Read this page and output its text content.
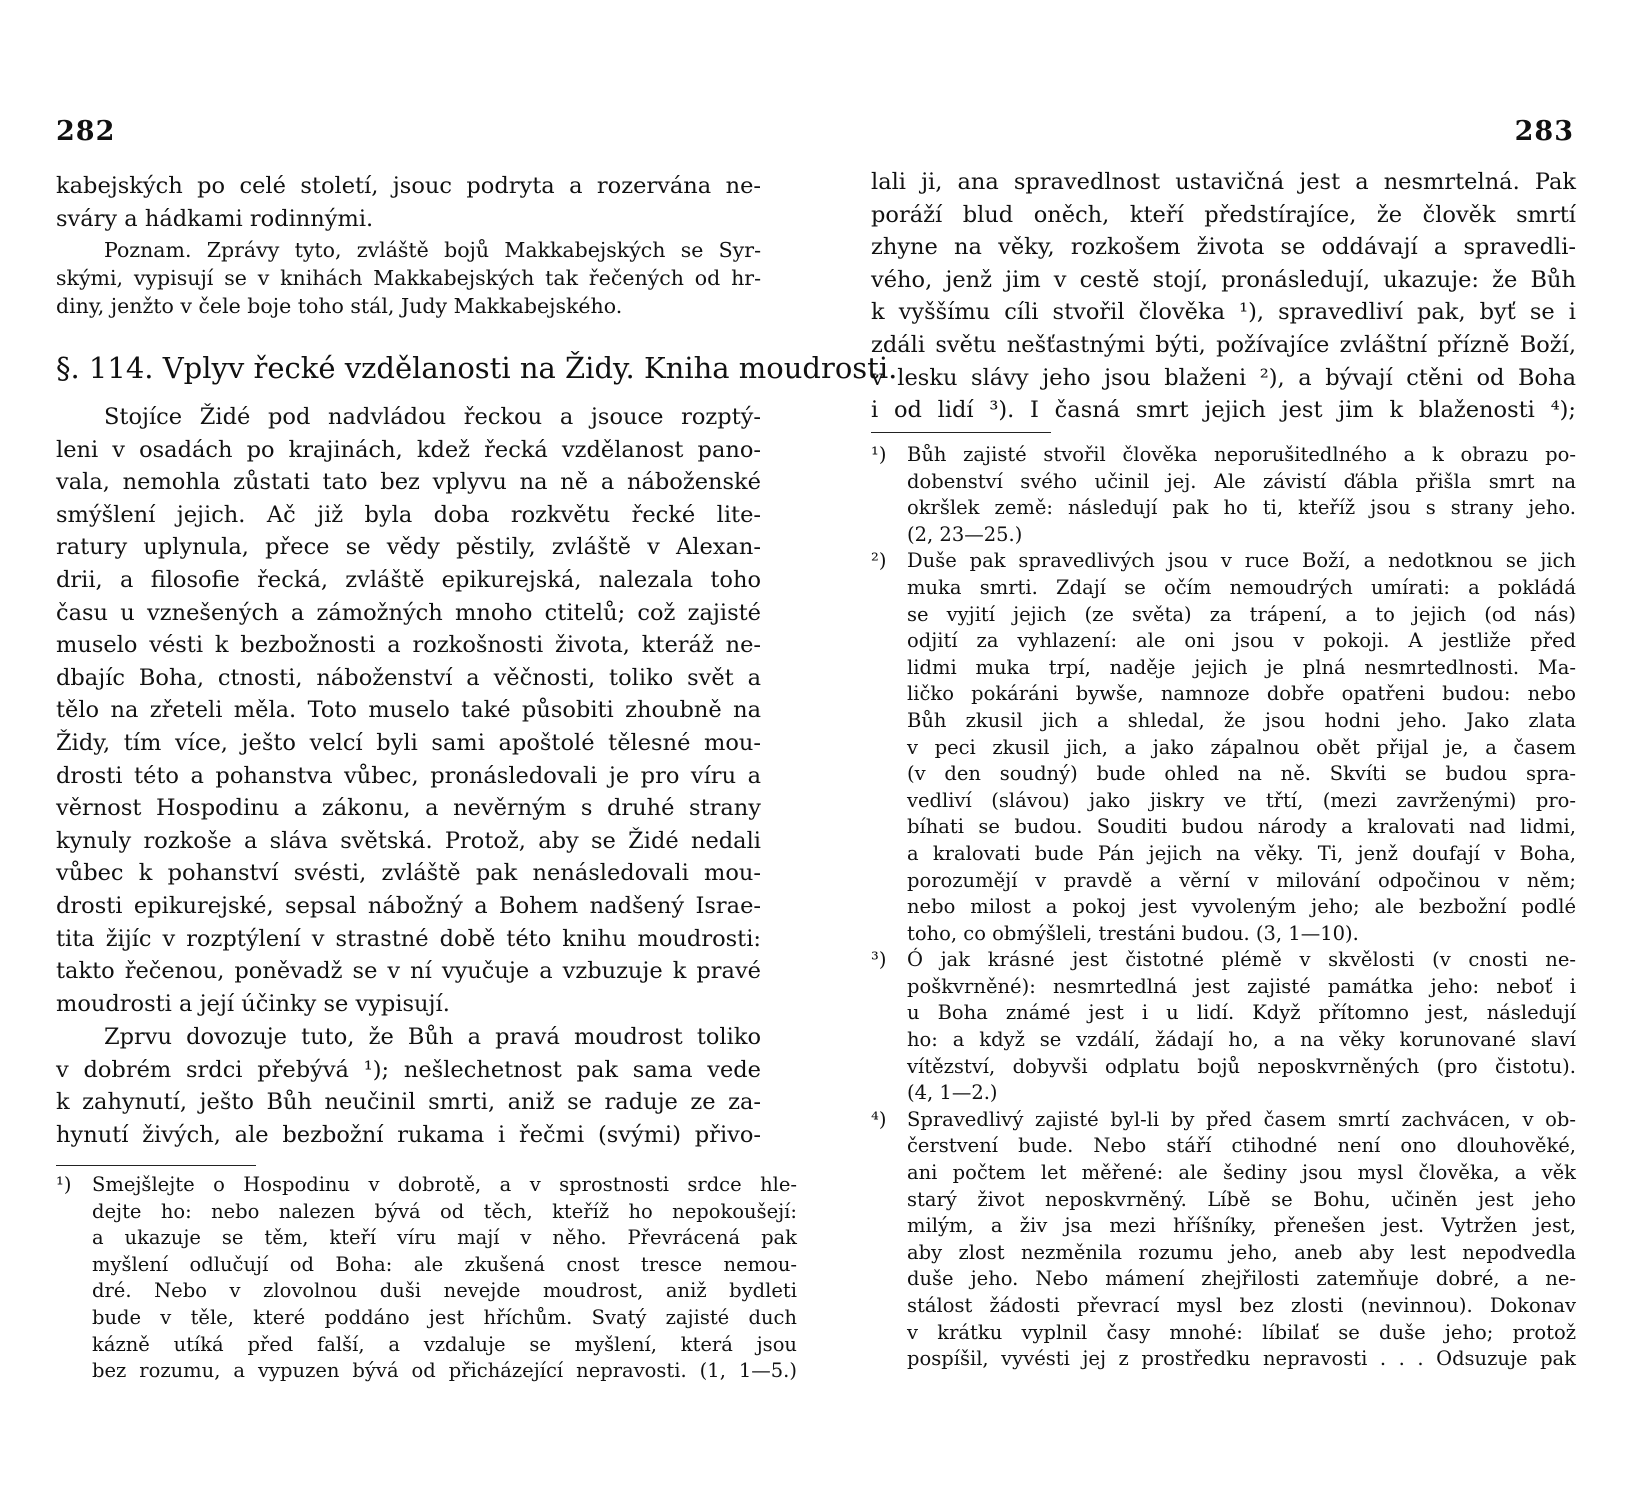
282
kabejských po celé století, jsouc podryta a rozervána ne-
sváry a hádkami rodinnými.
Poznam. Zprávy tyto, zvláště bojů Makkabejských se Syr-
skými, vypisují se v knihách Makkabejských tak řečených od hr-
diny, jenžto v čele boje toho stál, Judy Makkabejského.
§. 114. Vplyv řecké vzdělanosti na Židy. Kniha moudrosti.
Stojíce Židé pod nadvládou řeckou a jsouce rozptý-
leni v osadách po krajinách, kdež řecká vzdělanost pano-
vala, nemohla zůstati tato bez vplyvu na ně a náboženské
smýšlení jejich. Ač již byla doba rozkvětu řecké lite-
ratury uplynula, přece se vědy pěstily, zvláště v Alexan-
drii, a filosofie řecká, zvláště epikurejská, nalezala toho
času u vznešených a zámožných mnoho ctitelů; což zajisté
muselo vésti k bezbožnosti a rozkošnosti života, kteráž ne-
dbajíc Boha, ctnosti, náboženství a věčnosti, toliko svět a
tělo na zřeteli měla. Toto muselo také působiti zhoubně na
Židy, tím více, ješto velcí byli sami apoštolé tělesné mou-
drosti této a pohanstva vůbec, pronásledovali je pro víru a
věrnost Hospodinu a zákonu, a nevěrným s druhé strany
kynuly rozkoše a sláva světská. Protož, aby se Židé nedali
vůbec k pohanství svésti, zvláště pak nenásledovali mou-
drosti epikurejské, sepsal nábožný a Bohem nadšený Israe-
tita žijíc v rozptýlení v strastné době této knihu moudrosti:
takto řečenou, poněvadž se v ní vyučuje a vzbuzuje k pravé
moudrosti a její účinky se vypisují.
Zprvu dovozuje tuto, že Bůh a pravá moudrost toliko
v dobrém srdci přebývá ¹); nešlechetnost pak sama vede
k zahynutí, ješto Bůh neučinil smrti, aniž se raduje ze za-
hynutí živých, ale bezbožní rukama i řečmi (svými) přivo-
¹) Smejšlejte o Hospodinu v dobrotě, a v sprostnosti srdce hle-
dejte ho: nebo nalezen bývá od těch, kteříž ho nepokoušejí:
a ukazuje se těm, kteří víru mají v něho. Převrácená pak
myšlení odlučují od Boha: ale zkušená cnost tresce nemou-
dré. Nebo v zlovolnou duši nevejde moudrost, aniž bydleti
bude v těle, které poddáno jest hříchům. Svatý zajisté duch
kázně utíká před falší, a vzdaluje se myšlení, která jsou
bez rozumu, a vypuzen bývá od přicházející nepravosti. (1, 1—5.)
283
lali ji, ana spravedlnost ustavičná jest a nesmrtelná. Pak
poráží blud oněch, kteří předstírajíce, že člověk smrtí
zhyne na věky, rozkošem života se oddávají a spravedli-
vého, jenž jim v cestě stojí, pronásledují, ukazuje: že Bůh
k vyššímu cíli stvořil člověka ¹), spravedliví pak, byť se i
zdáli světu nešťastnými býti, požívajíce zvláštní přízně Boží,
v lesku slávy jeho jsou blaženi ²), a bývají ctěni od Boha
i od lidí ³). I časná smrt jejich jest jim k blaženosti ⁴);
¹) Bůh zajisté stvořil člověka neporušitedlného a k obrazu po-
dobenství svého učinil jej. Ale závistí ďábla přišla smrt na
okršlek země: následují pak ho ti, kteříž jsou s strany jeho.
(2, 23—25.)
²) Duše pak spravedlivých jsou v ruce Boží, a nedotknou se jich
muka smrti. Zdají se očím nemoudrých umírati: a pokládá
se vyjití jejich (ze světa) za trápení, a to jejich (od nás)
odjití za vyhlazení: ale oni jsou v pokoji. A jestliže před
lidmi muka trpí, naděje jejich je plná nesmrtedlnosti. Ma-
ličko pokáráni bywše, namnoze dobře opatřeni budou: nebo
Bůh zkusil jich a shledal, že jsou hodni jeho. Jako zlata
v peci zkusil jich, a jako zápalnou obět přijal je, a časem
(v den soudný) bude ohled na ně. Skvíti se budou spra-
vedliví (slávou) jako jiskry ve třtí, (mezi zavrženými) pro-
bíhati se budou. Souditi budou národy a kralovati nad lidmi,
a kralovati bude Pán jejich na věky. Ti, jenž doufají v Boha,
porozumějí v pravdě a věrní v milování odpočinou v něm;
nebo milost a pokoj jest vyvoleným jeho; ale bezbožní podlé
toho, co obmýšleli, trestáni budou. (3, 1—10).
³) Ó jak krásné jest čistotné plémě v skvělosti (v cnosti ne-
poškvrněné): nesmrtedlná jest zajisté památka jeho: neboť i
u Boha známé jest i u lidí. Když přítomno jest, následují
ho: a když se vzdálí, žádají ho, a na věky korunované slaví
vítězství, dobyvši odplatu bojů neposkvrněných (pro čistotu).
(4, 1—2.)
⁴) Spravedlivý zajisté byl-li by před časem smrtí zachvácen, v ob-
čerstvení bude. Nebo stáří ctihodné není ono dlouhověké,
ani počtem let měřené: ale šediny jsou mysl člověka, a věk
starý život neposkvrněný. Líbě se Bohu, učiněn jest jeho
milým, a živ jsa mezi hříšníky, přenešen jest. Vytržen jest,
aby zlost nezměnila rozumu jeho, aneb aby lest nepodvedla
duše jeho. Nebo mámení zhejřilosti zatemňuje dobré, a ne-
stálost žádosti převrací mysl bez zlosti (nevinnou). Dokonav
v krátku vyplnil časy mnohé: líbilať se duše jeho; protož
pospíšil, vyvésti jej z prostředku nepravosti . . . Odsuzuje pak
